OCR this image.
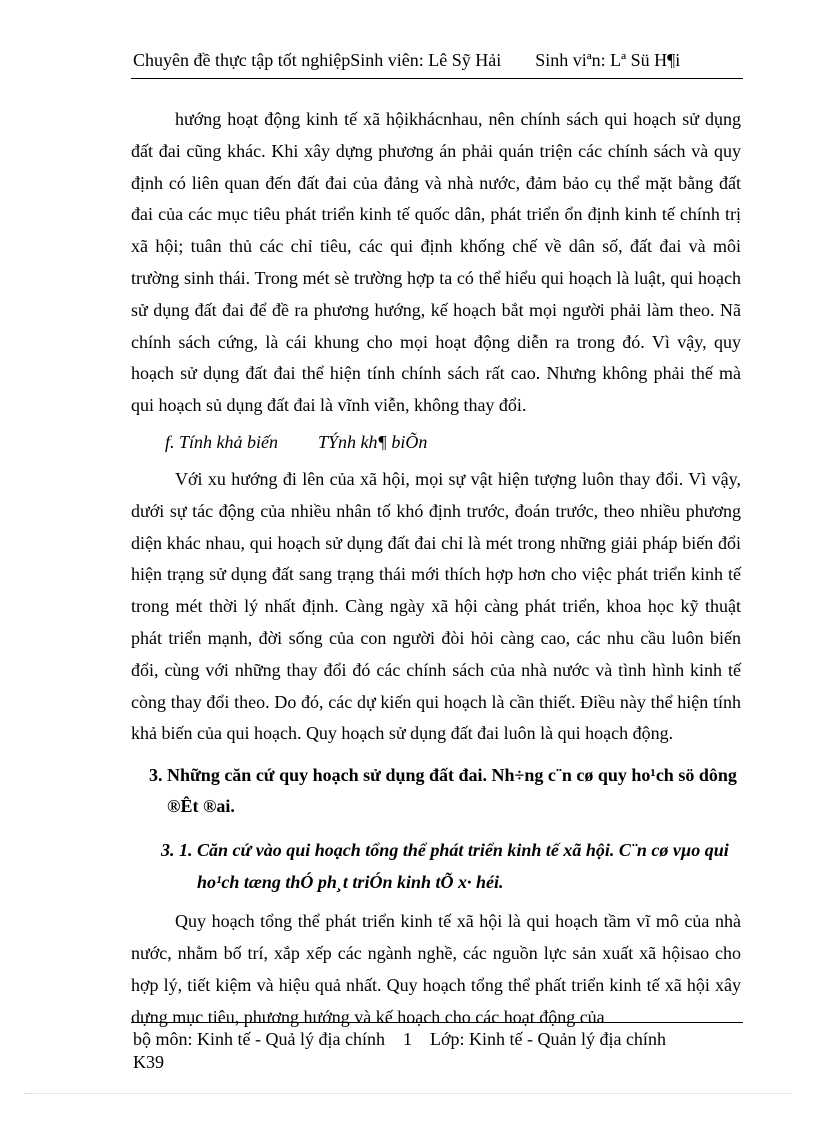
Chuyên đề thực tập tốt nghiệpSinh viên: Lê Sỹ Hải Sinh viªn: Lª Sü H¶i

hướng hoạt động kinh tế xã hộikhácnhau, nên chính sách qui hoạch sử dụng đất đai cũng khác. Khi xây dựng phương án phải quán triện các chính sách và quy định có liên quan đến đất đai của đảng và nhà nước, đảm bảo cụ thể mặt bằng đất đai của các mục tiêu phát triển kinh tế quốc dân, phát triển ổn định kinh tế chính trị xã hội; tuân thủ các chỉ tiêu, các qui định khống chế về dân số, đất đai và môi trường sinh thái. Trong mét sè trường hợp ta có thể hiểu qui hoạch là luật, qui hoạch sử dụng đất đai để đề ra phương hướng, kế hoạch bắt mọi người phải làm theo. Nã chính sách cứng, là cái khung cho mọi hoạt động diễn ra trong đó. Vì vậy, quy hoạch sử dụng đất đai thể hiện tính chính sách rất cao. Nhưng không phải thế mà qui hoạch sủ dụng đất đai là vĩnh viễn, không thay đổi.

f. Tính khả biến TÝnh kh¶ biÕn

Với xu hướng đi lên của xã hội, mọi sự vật hiện tượng luôn thay đổi. Vì vậy, dưới sự tác động của nhiều nhân tố khó định trước, đoán trước, theo nhiều phương diện khác nhau, qui hoạch sử dụng đất đai chỉ là mét trong những giải pháp biến đổi hiện trạng sử dụng đất sang trạng thái mới thích hợp hơn cho việc phát triển kinh tế trong mét thời lý nhất định. Càng ngày xã hội càng phát triển, khoa học kỹ thuật phát triển mạnh, đời sống của con người đòi hỏi càng cao, các nhu cầu luôn biến đổi, cùng với những thay đổi đó các chính sách của nhà nước và tình hình kinh tế còng thay đổi theo. Do đó, các dự kiến qui hoạch là cần thiết. Điều này thể hiện tính khả biến của qui hoạch. Quy hoạch sử dụng đất đai luôn là qui hoạch động.

3. Những căn cứ quy hoạch sử dụng đất đai. Nh÷ng c¨n cø quy ho¹ch sö dông ®Êt ®ai.

3. 1. Căn cứ vào qui hoạch tổng thể phát triển kinh tế xã hội. C¨n cø vµo qui ho¹ch tæng thÓ ph¸t triÓn kinh tÕ x· héi.

Quy hoạch tổng thể phát triển kinh tế xã hội là qui hoạch tầm vĩ mô của nhà nước, nhằm bố trí, xắp xếp các ngành nghề, các nguồn lực sản xuất xã hộisao cho hợp lý, tiết kiệm và hiệu quả nhất. Quy hoạch tổng thể phất triển kinh tế xã hội xây dựng mục tiêu, phương hướng và kế hoạch cho các hoạt động của

bộ môn: Kinh tế - Quả lý địa chính 1 Lớp: Kinh tế - Quản lý địa chính
K39
